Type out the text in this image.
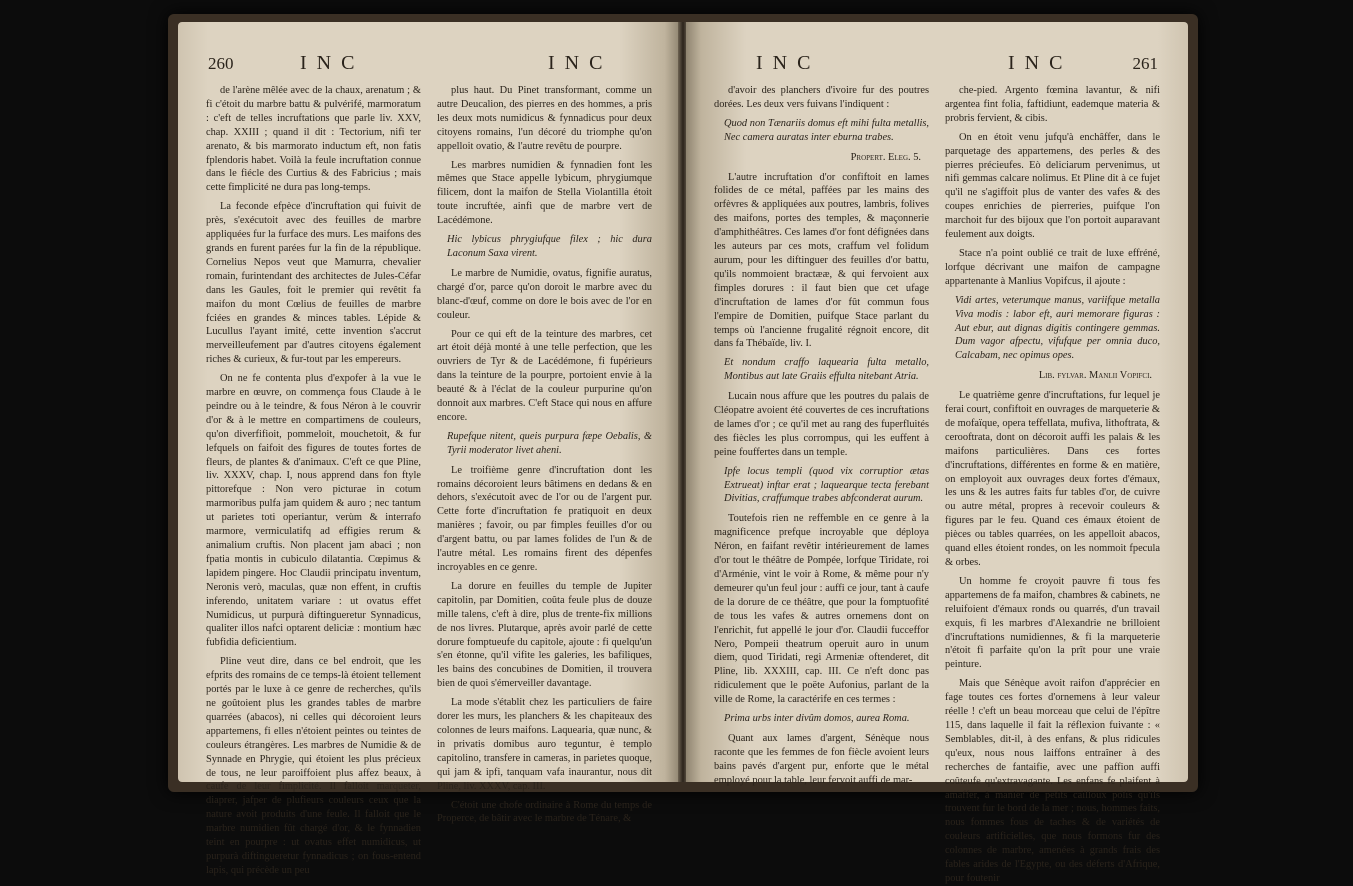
260	INC	INC

de l'arène mêlée avec de la chaux, arenatum ; & fi c'étoit du marbre battu & pulvérifé, marmoratum : c'eft de telles incruftations que parle liv. XXV, chap. XXIII ; quand il dit : Tectorium, nifi ter arenato, & bis marmorato inductum eft, non fatis fplendoris habet. Voilà la feule incruftation connue dans le fiécle des Curtius & des Fabricius ; mais cette fimplicité ne dura pas long-temps.

La feconde efpèce d'incruftation qui fuivit de près, s'exécutoit avec des feuilles de marbre appliquées fur la furface des murs. Les maifons des grands en furent parées fur la fin de la république. Cornelius Nepos veut que Mamurra, chevalier romain, furintendant des architectes de Jules-Céfar dans les Gaules, foit le premier qui revêtit fa maifon du mont Cœlius de feuilles de marbre fciées en grandes & minces tables. Lépide & Lucullus l'ayant imité, cette invention s'accrut merveilleufement par d'autres citoyens également riches & curieux, & fur-tout par les empereurs.

On ne fe contenta plus d'expofer à la vue le marbre en œuvre, on commença fous Claude à le peindre ou à le teindre, & fous Néron à le couvrir d'or & à le mettre en compartimens de couleurs, qu'on diverfifioit, pommeloit, mouchetoit, & fur lefquels on faifoit des figures de toutes fortes de fleurs, de plantes & d'animaux. C'eft ce que Pline, liv. XXXV, chap. I, nous apprend dans fon ftyle pittorefque : Non vero picturae in cotum marmoribus pulfa jam quidem & auro ; nec tantum ut parietes toti operiantur, verùm & interrafo marmore, vermiculatifq ad effigies rerum & animalium cruftis. Non placent jam abaci ; non fpatia montis in cubiculo dilatantia. Cœpimus & lapidem pingere. Hoc Claudii principatu inventum, Neronis verò, maculas, quæ non effent, in cruftis inferendo, unitatem variare : ut ovatus effet Numidicus, ut purpurà diftingueretur Synnadicus, qualiter illos nafci optarent deliciæ : montium hæc fubfidia deficientium.

Pline veut dire, dans ce bel endroit, que les efprits des romains de ce temps-là étoient tellement portés par le luxe à ce genre de recherches, qu'ils ne goûtoient plus les grandes tables de marbre quarrées (abacos), ni celles qui décoroient leurs appartemens, fi elles n'étoient peintes ou teintes de couleurs étrangères. Les marbres de Numidie & de Synnade en Phrygie, qui étoient les plus précieux de tous, ne leur paroiffoient plus affez beaux, à caufe de leur fimplicité. Il falloit marqueter, diaprer, jafper de plufieurs couleurs ceux que la nature avoit produits d'une feule. Il falloit que le marbre numidien fût chargé d'or, & le fynnadien teint en pourpre : ut ovatus effet numidicus, ut purpurà diftingueretur fynnadicus ; on fous-entend lapis, qui précède un peu

plus haut. Du Pinet transformant, comme un autre Deucalion, des pierres en des hommes, a pris les deux mots numidicus & fynnadicus pour deux citoyens romains, l'un décoré du triomphe qu'on appelloit ovatio, & l'autre revêtu de pourpre.

Les marbres numidien & fynnadien font les mêmes que Stace appelle lybicum, phrygiumque filicem, dont la maifon de Stella Violantilla étoit toute incruftée, ainfi que de marbre vert de Lacédémone.

Hic lybicus phrygiufque filex ; hic dura Laconum Saxa virent.

Le marbre de Numidie, ovatus, fignifie auratus, chargé d'or, parce qu'on doroit le marbre avec du blanc-d'œuf, comme on dore le bois avec de l'or en couleur.

Pour ce qui eft de la teinture des marbres, cet art étoit déjà monté à une telle perfection, que les ouvriers de Tyr & de Lacédémone, fi fupérieurs dans la teinture de la pourpre, portoient envie à la beauté & à l'éclat de la couleur purpurine qu'on donnoit aux marbres. C'eft Stace qui nous en affure encore.

Rupefque nitent, queis purpura fæpe Oebalis, & Tyrii moderator livet aheni.

Le troifième genre d'incruftation dont les romains décoroient leurs bâtimens en dedans & en dehors, s'exécutoit avec de l'or ou de l'argent pur. Cette forte d'incruftation fe pratiquoit en deux manières ; favoir, ou par fimples feuilles d'or ou d'argent battu, ou par lames folides de l'un & de l'autre métal. Les romains firent des dépenfes incroyables en ce genre.

La dorure en feuilles du temple de Jupiter capitolin, par Domitien, coûta feule plus de douze mille talens, c'eft à dire, plus de trente-fix millions de nos livres. Plutarque, après avoir parlé de cette dorure fomptueufe du capitole, ajoute : fi quelqu'un s'en étonne, qu'il vifite les galeries, les bafiliques, les bains des concubines de Domitien, il trouvera bien de quoi s'émerveiller davantage.

La mode s'établit chez les particuliers de faire dorer les murs, les planchers & les chapiteaux des colonnes de leurs maifons. Laquearia, quæ nunc, & in privatis domibus auro teguntur, è templo capitolino, transfere in cameras, in parietes quoque, qui jam & ipfi, tanquam vafa inaurantur, nous dit Pline, liv. XXXV, cap. III.

C'étoit une chofe ordinaire à Rome du temps de Properce, de bâtir avec le marbre de Ténare, &

INC	INC	261

d'avoir des planchers d'ivoire fur des poutres dorées. Les deux vers fuivans l'indiquent :

Quod non Tænariis domus eft mihi fulta metallis, Nec camera auratas inter eburna trabes.
Propert. Eleg. 5.

L'autre incruftation d'or confiftoit en lames folides de ce métal, paffées par les mains des orfèvres & appliquées aux poutres, lambris, folives des maifons, portes des temples, & maçonnerie d'amphithéâtres. Ces lames d'or font défignées dans les auteurs par ces mots, craffum vel folidum aurum, pour les diftinguer des feuilles d'or battu, qu'ils nommoient bractææ, & qui fervoient aux fimples dorures : il faut bien que cet ufage d'incruftation de lames d'or fût commun fous l'empire de Domitien, puifque Stace parlant du temps où l'ancienne frugalité régnoit encore, dit dans fa Thébaïde, liv. I.

Et nondum craffo laquearia fulta metallo, Montibus aut late Graiis effulta nitebant Atria.

Lucain nous affure que les poutres du palais de Cléopatre avoient été couvertes de ces incruftations de lames d'or ; ce qu'il met au rang des fuperfluités des fiècles les plus corrompus, qui les euffent à peine fouffertes dans un temple.

Ipfe locus templi (quod vix corruptior ætas Extrueat) inftar erat ; laquearque tecta ferebant Divitias, craffumque trabes abfconderat aurum.

Toutefois rien ne reffemble en ce genre à la magnificence prefque incroyable que déploya Néron, en faifant revêtir intérieurement de lames d'or tout le théâtre de Pompée, lorfque Tiridate, roi d'Arménie, vint le voir à Rome, & même pour n'y demeurer qu'un feul jour : auffi ce jour, tant à caufe de la dorure de ce théâtre, que pour la fomptuofité de tous les vafes & autres ornemens dont on l'enrichit, fut appellé le jour d'or. Claudii fucceffor Nero, Pompeii theatrum operuit auro in unum diem, quod Tiridati, regi Armeniæ oftenderet, dit Pline, lib. XXXIII, cap. III. Ce n'eft donc pas ridiculement que le poëte Aufonius, parlant de la ville de Rome, la caractérife en ces termes :

Prima urbs inter divûm domos, aurea Roma.

Quant aux lames d'argent, Sénèque nous raconte que les femmes de fon fiècle avoient leurs bains pavés d'argent pur, enforte que le métal employé pour la table, leur fervoit auffi de mar-

che-pied. Argento fœmina lavantur, & nifi argentea fint folia, faftidiunt, eademque materia & probris fervient, & cibis.

On en étoit venu jufqu'à enchâffer, dans le parquetage des appartemens, des perles & des pierres précieufes. Eò deliciarum pervenimus, ut nifi gemmas calcare nolimus. Et Pline dit à ce fujet qu'il ne s'agiffoit plus de vanter des vafes & des coupes enrichies de pierreries, puifque l'on marchoit fur des bijoux que l'on portoit auparavant feulement aux doigts.

Stace n'a point oublié ce trait de luxe effréné, lorfque décrivant une maifon de campagne appartenante à Manlius Vopifcus, il ajoute :

Vidi artes, veterumque manus, variifque metalla Viva modis : labor eft, auri memorare figuras : Aut ebur, aut dignas digitis contingere gemmas. Dum vagor afpectu, vifufque per omnia duco, Calcabam, nec opimus opes.
Lib. fylvar. Manlii Vopifci.

Le quatrième genre d'incruftations, fur lequel je ferai court, confiftoit en ouvrages de marqueterie & de mofaïque, opera teffellata, mufiva, lithoftrata, & cerooftrata, dont on décoroit auffi les palais & les maifons particulières. Dans ces fortes d'incruftations, différentes en forme & en matière, on employoit aux ouvrages deux fortes d'émaux, les uns & les autres faits fur tables d'or, de cuivre ou autre métal, propres à recevoir couleurs & figures par le feu. Quand ces émaux étoient de pièces ou tables quarrées, on les appelloit abacos, quand elles étoient rondes, on les nommoit fpecula & orbes.

Un homme fe croyoit pauvre fi tous fes appartemens de fa maifon, chambres & cabinets, ne reluifoient d'émaux ronds ou quarrés, d'un travail exquis, fi les marbres d'Alexandrie ne brilloient d'incruftations numidiennes, & fi la marqueterie n'étoit fi parfaite qu'on la prît pour une vraie peinture.

Mais que Sénèque avoit raifon d'apprécier en fage toutes ces fortes d'ornemens à leur valeur réelle ! c'eft un beau morceau que celui de l'épître 115, dans laquelle il fait la réflexion fuivante : « Semblables, dit-il, à des enfans, & plus ridicules qu'eux, nous nous laiffons entraîner à des recherches de fantaifie, avec une paffion auffi coûteufe qu'extravagante. Les enfans fe plaifent à amaffer, à manier de petits cailloux polis qu'ils trouvent fur le bord de la mer ; nous, hommes faits, nous fommes fous de taches & de variétés de couleurs artificielles, que nous formons fur des colonnes de marbre, amenées à grands frais des fables arides de l'Egypte, ou des déferts d'Afrique, pour foutenir
